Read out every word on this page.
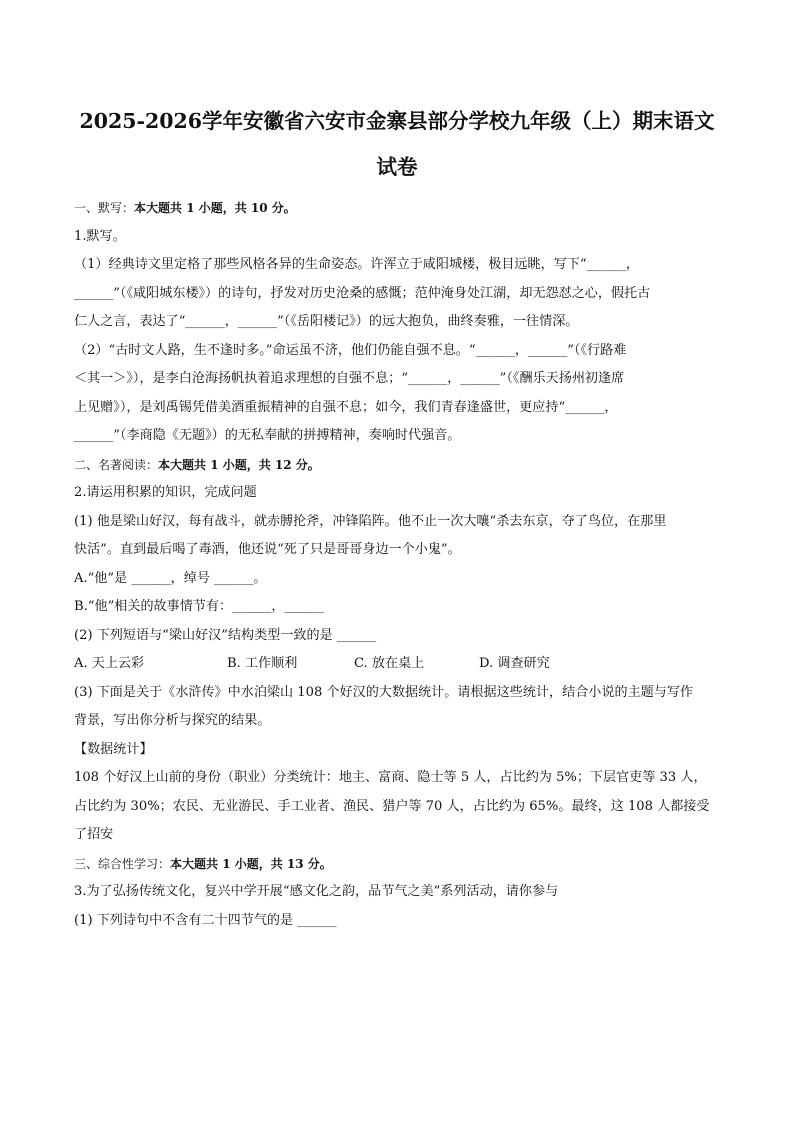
2025-2026学年安徽省六安市金寨县部分学校九年级（上）期末语文
试卷
一、默写：本大题共 1 小题，共 10 分。
1.默写。
（1）经典诗文里定格了那些风格各异的生命姿态。许浑立于咸阳城楼，极目远眺，写下“______，
______”（《咸阳城东楼》）的诗句，抒发对历史沧桑的感慨；范仲淹身处江湖，却无怨怼之心，假托古
仁人之言，表达了“______，______”（《岳阳楼记》）的远大抱负，曲终奏雅，一往情深。
（2）“古时文人路，生不逢时多。”命运虽不济，他们仍能自强不息。“______，______”（《行路难
＜其一＞》），是李白沧海扬帆执着追求理想的自强不息；“______，______”（《酬乐天扬州初逢席
上见赠》），是刘禹锡凭借美酒重振精神的自强不息；如今，我们青春逢盛世，更应持“______，
______”（李商隐《无题》）的无私奉献的拼搏精神，奏响时代强音。
二、名著阅读：本大题共 1 小题，共 12 分。
2.请运用积累的知识，完成问题
(1) 他是梁山好汉，每有战斗，就赤膊抡斧，冲锋陷阵。他不止一次大嚷“杀去东京，夺了鸟位，在那里
快活”。直到最后喝了毒酒，他还说“死了只是哥哥身边一个小鬼”。
A.“他”是 ______，绰号 ______。
B.“他”相关的故事情节有：______，______
(2) 下列短语与“梁山好汉”结构类型一致的是 ______
A. 天上云彩	B. 工作顺利	C. 放在桌上	D. 调查研究
(3) 下面是关于《水浒传》中水泊梁山 108 个好汉的大数据统计。请根据这些统计，结合小说的主题与写作
背景，写出你分析与探究的结果。
【数据统计】
108 个好汉上山前的身份（职业）分类统计：地主、富商、隐士等 5 人，占比约为 5%；下层官吏等 33 人，
占比约为 30%；农民、无业游民、手工业者、渔民、猎户等 70 人，占比约为 65%。最终，这 108 人都接受
了招安
三、综合性学习：本大题共 1 小题，共 13 分。
3.为了弘扬传统文化，复兴中学开展“感文化之韵，品节气之美”系列活动，请你参与
(1) 下列诗句中不含有二十四节气的是 ______
